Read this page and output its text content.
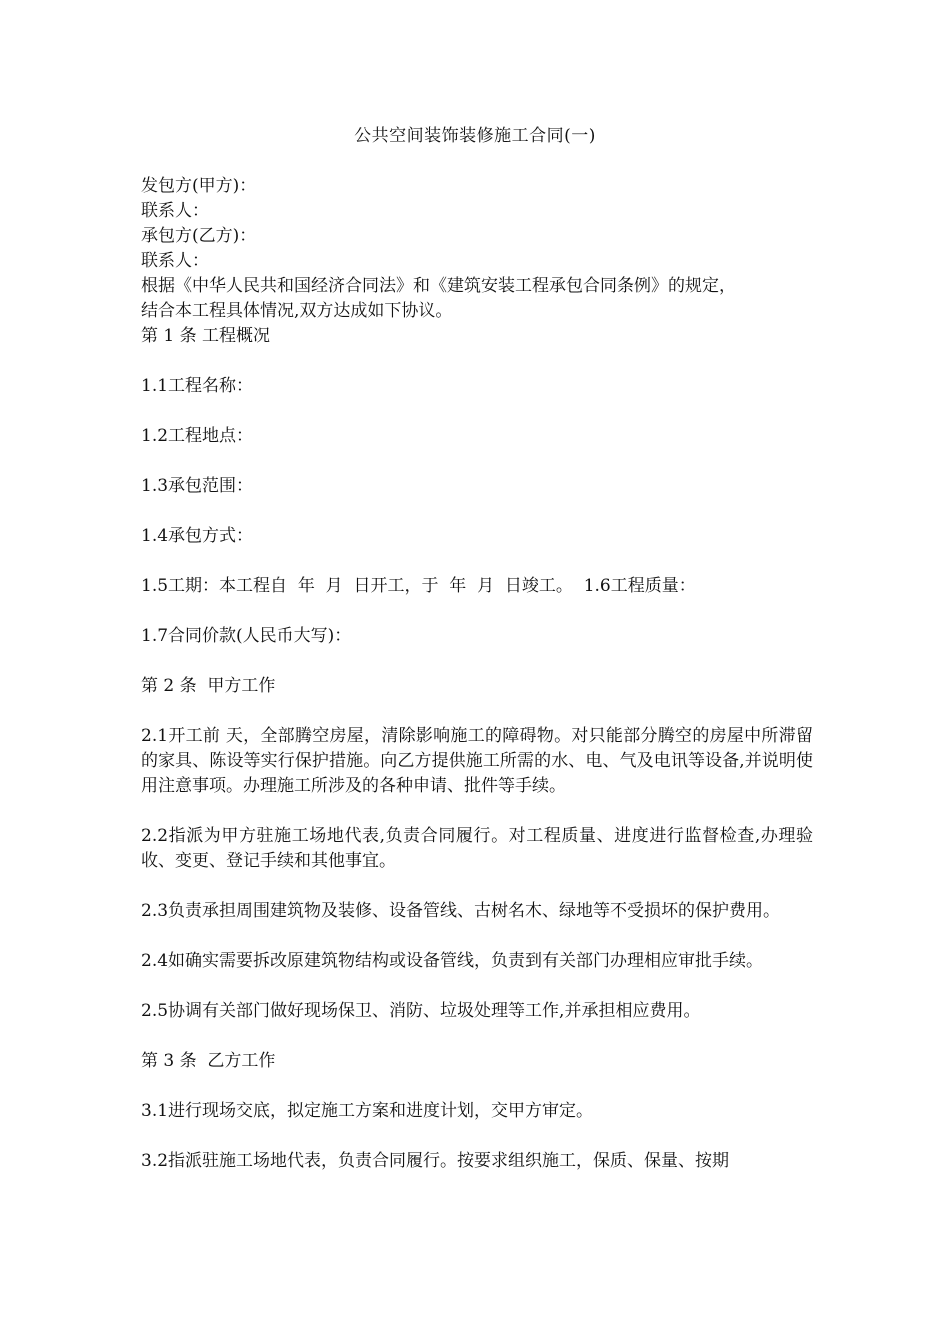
公共空间装饰装修施工合同(一)
发包方(甲方)：
联系人：
承包方(乙方)：
联系人：
根据《中华人民共和国经济合同法》和《建筑安装工程承包合同条例》的规定，
结合本工程具体情况,双方达成如下协议。
第 1 条 工程概况
1.1工程名称：
1.2工程地点：
1.3承包范围：
1.4承包方式：
1.5工期：本工程自  年  月  日开工，于  年  月  日竣工。  1.6工程质量：
1.7合同价款(人民币大写)：
第 2 条  甲方工作
2.1开工前 天，全部腾空房屋，清除影响施工的障碍物。对只能部分腾空的房屋中所滞留的家具、陈设等实行保护措施。向乙方提供施工所需的水、电、气及电讯等设备,并说明使用注意事项。办理施工所涉及的各种申请、批件等手续。
2.2指派为甲方驻施工场地代表,负责合同履行。对工程质量、进度进行监督检查,办理验收、变更、登记手续和其他事宜。
2.3负责承担周围建筑物及装修、设备管线、古树名木、绿地等不受损坏的保护费用。
2.4如确实需要拆改原建筑物结构或设备管线，负责到有关部门办理相应审批手续。
2.5协调有关部门做好现场保卫、消防、垃圾处理等工作,并承担相应费用。
第 3 条  乙方工作
3.1进行现场交底，拟定施工方案和进度计划，交甲方审定。
3.2指派驻施工场地代表，负责合同履行。按要求组织施工，保质、保量、按期
